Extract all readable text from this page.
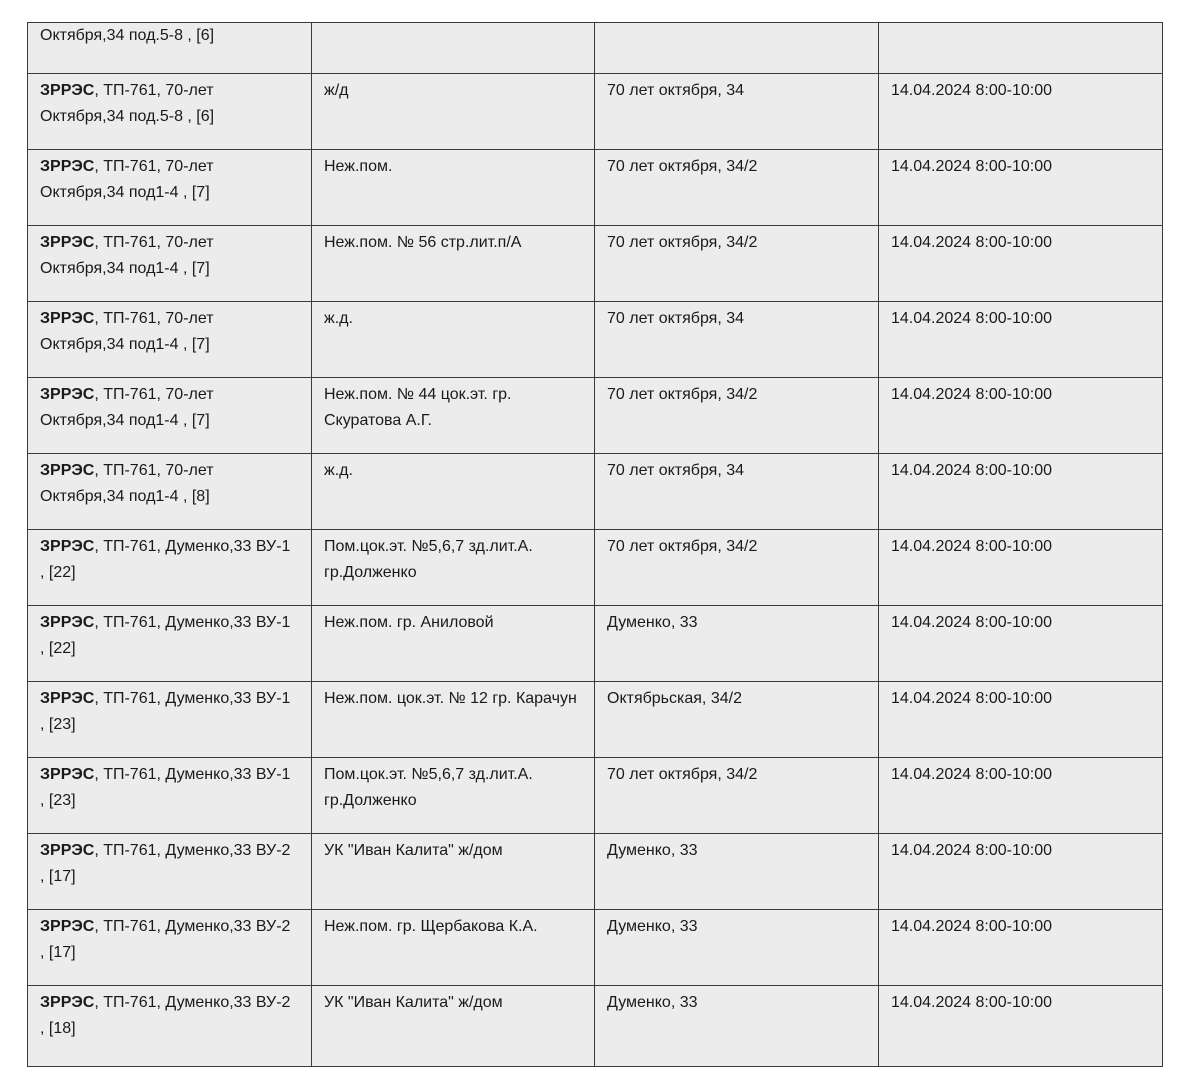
Октября,34 под.5-8 , [6]			
ЗРРЭС, ТП-761, 70-лет Октября,34 под.5-8 , [6]	ж/д	70 лет октября, 34	14.04.2024 8:00-10:00
ЗРРЭС, ТП-761, 70-лет Октября,34 под1-4 , [7]	Неж.пом.	70 лет октября, 34/2	14.04.2024 8:00-10:00
ЗРРЭС, ТП-761, 70-лет Октября,34 под1-4 , [7]	Неж.пом. № 56 стр.лит.п/А	70 лет октября, 34/2	14.04.2024 8:00-10:00
ЗРРЭС, ТП-761, 70-лет Октября,34 под1-4 , [7]	ж.д.	70 лет октября, 34	14.04.2024 8:00-10:00
ЗРРЭС, ТП-761, 70-лет Октября,34 под1-4 , [7]	Неж.пом. № 44 цок.эт. гр. Скуратова А.Г.	70 лет октября, 34/2	14.04.2024 8:00-10:00
ЗРРЭС, ТП-761, 70-лет Октября,34 под1-4 , [8]	ж.д.	70 лет октября, 34	14.04.2024 8:00-10:00
ЗРРЭС, ТП-761, Думенко,33 ВУ-1 , [22]	Пом.цок.эт. №5,6,7 зд.лит.А. гр.Долженко	70 лет октября, 34/2	14.04.2024 8:00-10:00
ЗРРЭС, ТП-761, Думенко,33 ВУ-1 , [22]	Неж.пом. гр. Аниловой	Думенко, 33	14.04.2024 8:00-10:00
ЗРРЭС, ТП-761, Думенко,33 ВУ-1 , [23]	Неж.пом. цок.эт. № 12 гр. Карачун	Октябрьская, 34/2	14.04.2024 8:00-10:00
ЗРРЭС, ТП-761, Думенко,33 ВУ-1 , [23]	Пом.цок.эт. №5,6,7 зд.лит.А. гр.Долженко	70 лет октября, 34/2	14.04.2024 8:00-10:00
ЗРРЭС, ТП-761, Думенко,33 ВУ-2 , [17]	УК "Иван Калита" ж/дом	Думенко, 33	14.04.2024 8:00-10:00
ЗРРЭС, ТП-761, Думенко,33 ВУ-2 , [17]	Неж.пом. гр. Щербакова К.А.	Думенко, 33	14.04.2024 8:00-10:00
ЗРРЭС, ТП-761, Думенко,33 ВУ-2 , [18]	УК "Иван Калита" ж/дом	Думенко, 33	14.04.2024 8:00-10:00
